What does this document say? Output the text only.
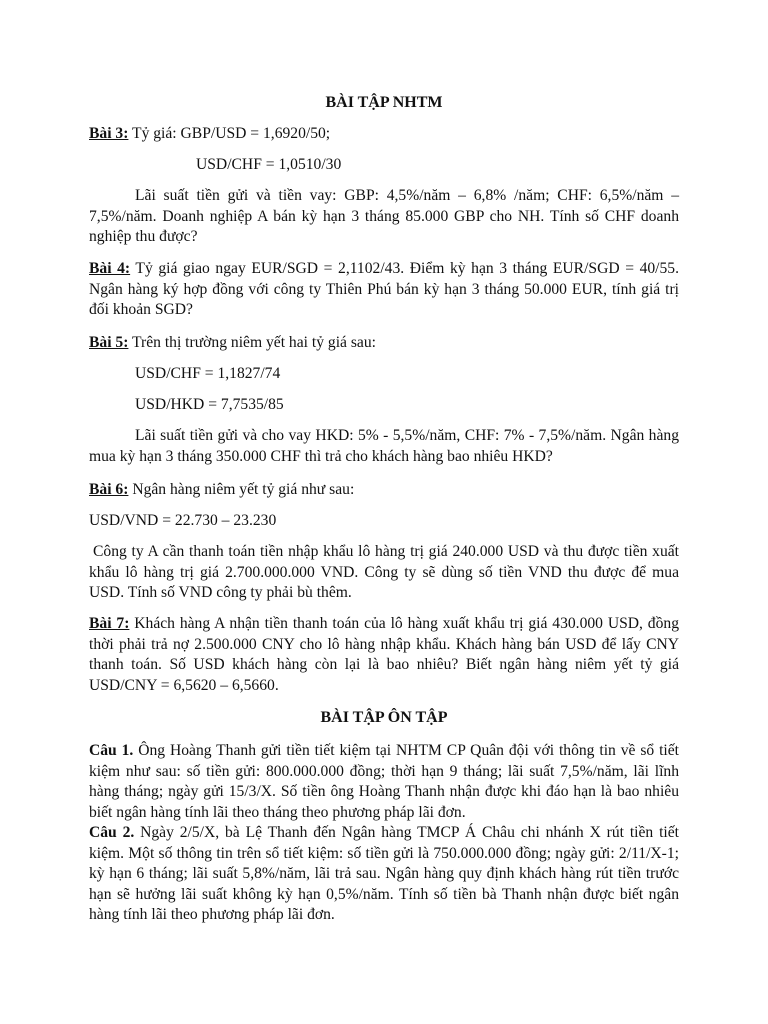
BÀI TẬP NHTM

Bài 3: Tỷ giá: GBP/USD = 1,6920/50;

USD/CHF = 1,0510/30

Lãi suất tiền gửi và tiền vay: GBP: 4,5%/năm – 6,8% /năm; CHF: 6,5%/năm – 7,5%/năm. Doanh nghiệp A bán kỳ hạn 3 tháng 85.000 GBP cho NH. Tính số CHF doanh nghiệp thu được?

Bài 4: Tỷ giá giao ngay EUR/SGD = 2,1102/43. Điểm kỳ hạn 3 tháng EUR/SGD = 40/55. Ngân hàng ký hợp đồng với công ty Thiên Phú bán kỳ hạn 3 tháng 50.000 EUR, tính giá trị đối khoản SGD?

Bài 5: Trên thị trường niêm yết hai tỷ giá sau:

USD/CHF = 1,1827/74

USD/HKD = 7,7535/85

Lãi suất tiền gửi và cho vay HKD: 5% - 5,5%/năm, CHF: 7% - 7,5%/năm. Ngân hàng mua kỳ hạn 3 tháng 350.000 CHF thì trả cho khách hàng bao nhiêu HKD?

Bài 6: Ngân hàng niêm yết tỷ giá như sau:

USD/VND = 22.730 – 23.230

Công ty A cần thanh toán tiền nhập khẩu lô hàng trị giá 240.000 USD và thu được tiền xuất khẩu lô hàng trị giá 2.700.000.000 VND. Công ty sẽ dùng số tiền VND thu được để mua USD. Tính số VND công ty phải bù thêm.

Bài 7: Khách hàng A nhận tiền thanh toán của lô hàng xuất khẩu trị giá 430.000 USD, đồng thời phải trả nợ 2.500.000 CNY cho lô hàng nhập khẩu. Khách hàng bán USD để lấy CNY thanh toán. Số USD khách hàng còn lại là bao nhiêu? Biết ngân hàng niêm yết tỷ giá USD/CNY = 6,5620 – 6,5660.

BÀI TẬP ÔN TẬP

Câu 1. Ông Hoàng Thanh gửi tiền tiết kiệm tại NHTM CP Quân đội với thông tin về sổ tiết kiệm như sau: số tiền gửi: 800.000.000 đồng; thời hạn 9 tháng; lãi suất 7,5%/năm, lãi lĩnh hàng tháng; ngày gửi 15/3/X. Số tiền ông Hoàng Thanh nhận được khi đáo hạn là bao nhiêu biết ngân hàng tính lãi theo tháng theo phương pháp lãi đơn.

Câu 2. Ngày 2/5/X, bà Lệ Thanh đến Ngân hàng TMCP Á Châu chi nhánh X rút tiền tiết kiệm. Một số thông tin trên sổ tiết kiệm: số tiền gửi là 750.000.000 đồng; ngày gửi: 2/11/X-1; kỳ hạn 6 tháng; lãi suất 5,8%/năm, lãi trả sau. Ngân hàng quy định khách hàng rút tiền trước hạn sẽ hưởng lãi suất không kỳ hạn 0,5%/năm. Tính số tiền bà Thanh nhận được biết ngân hàng tính lãi theo phương pháp lãi đơn.
